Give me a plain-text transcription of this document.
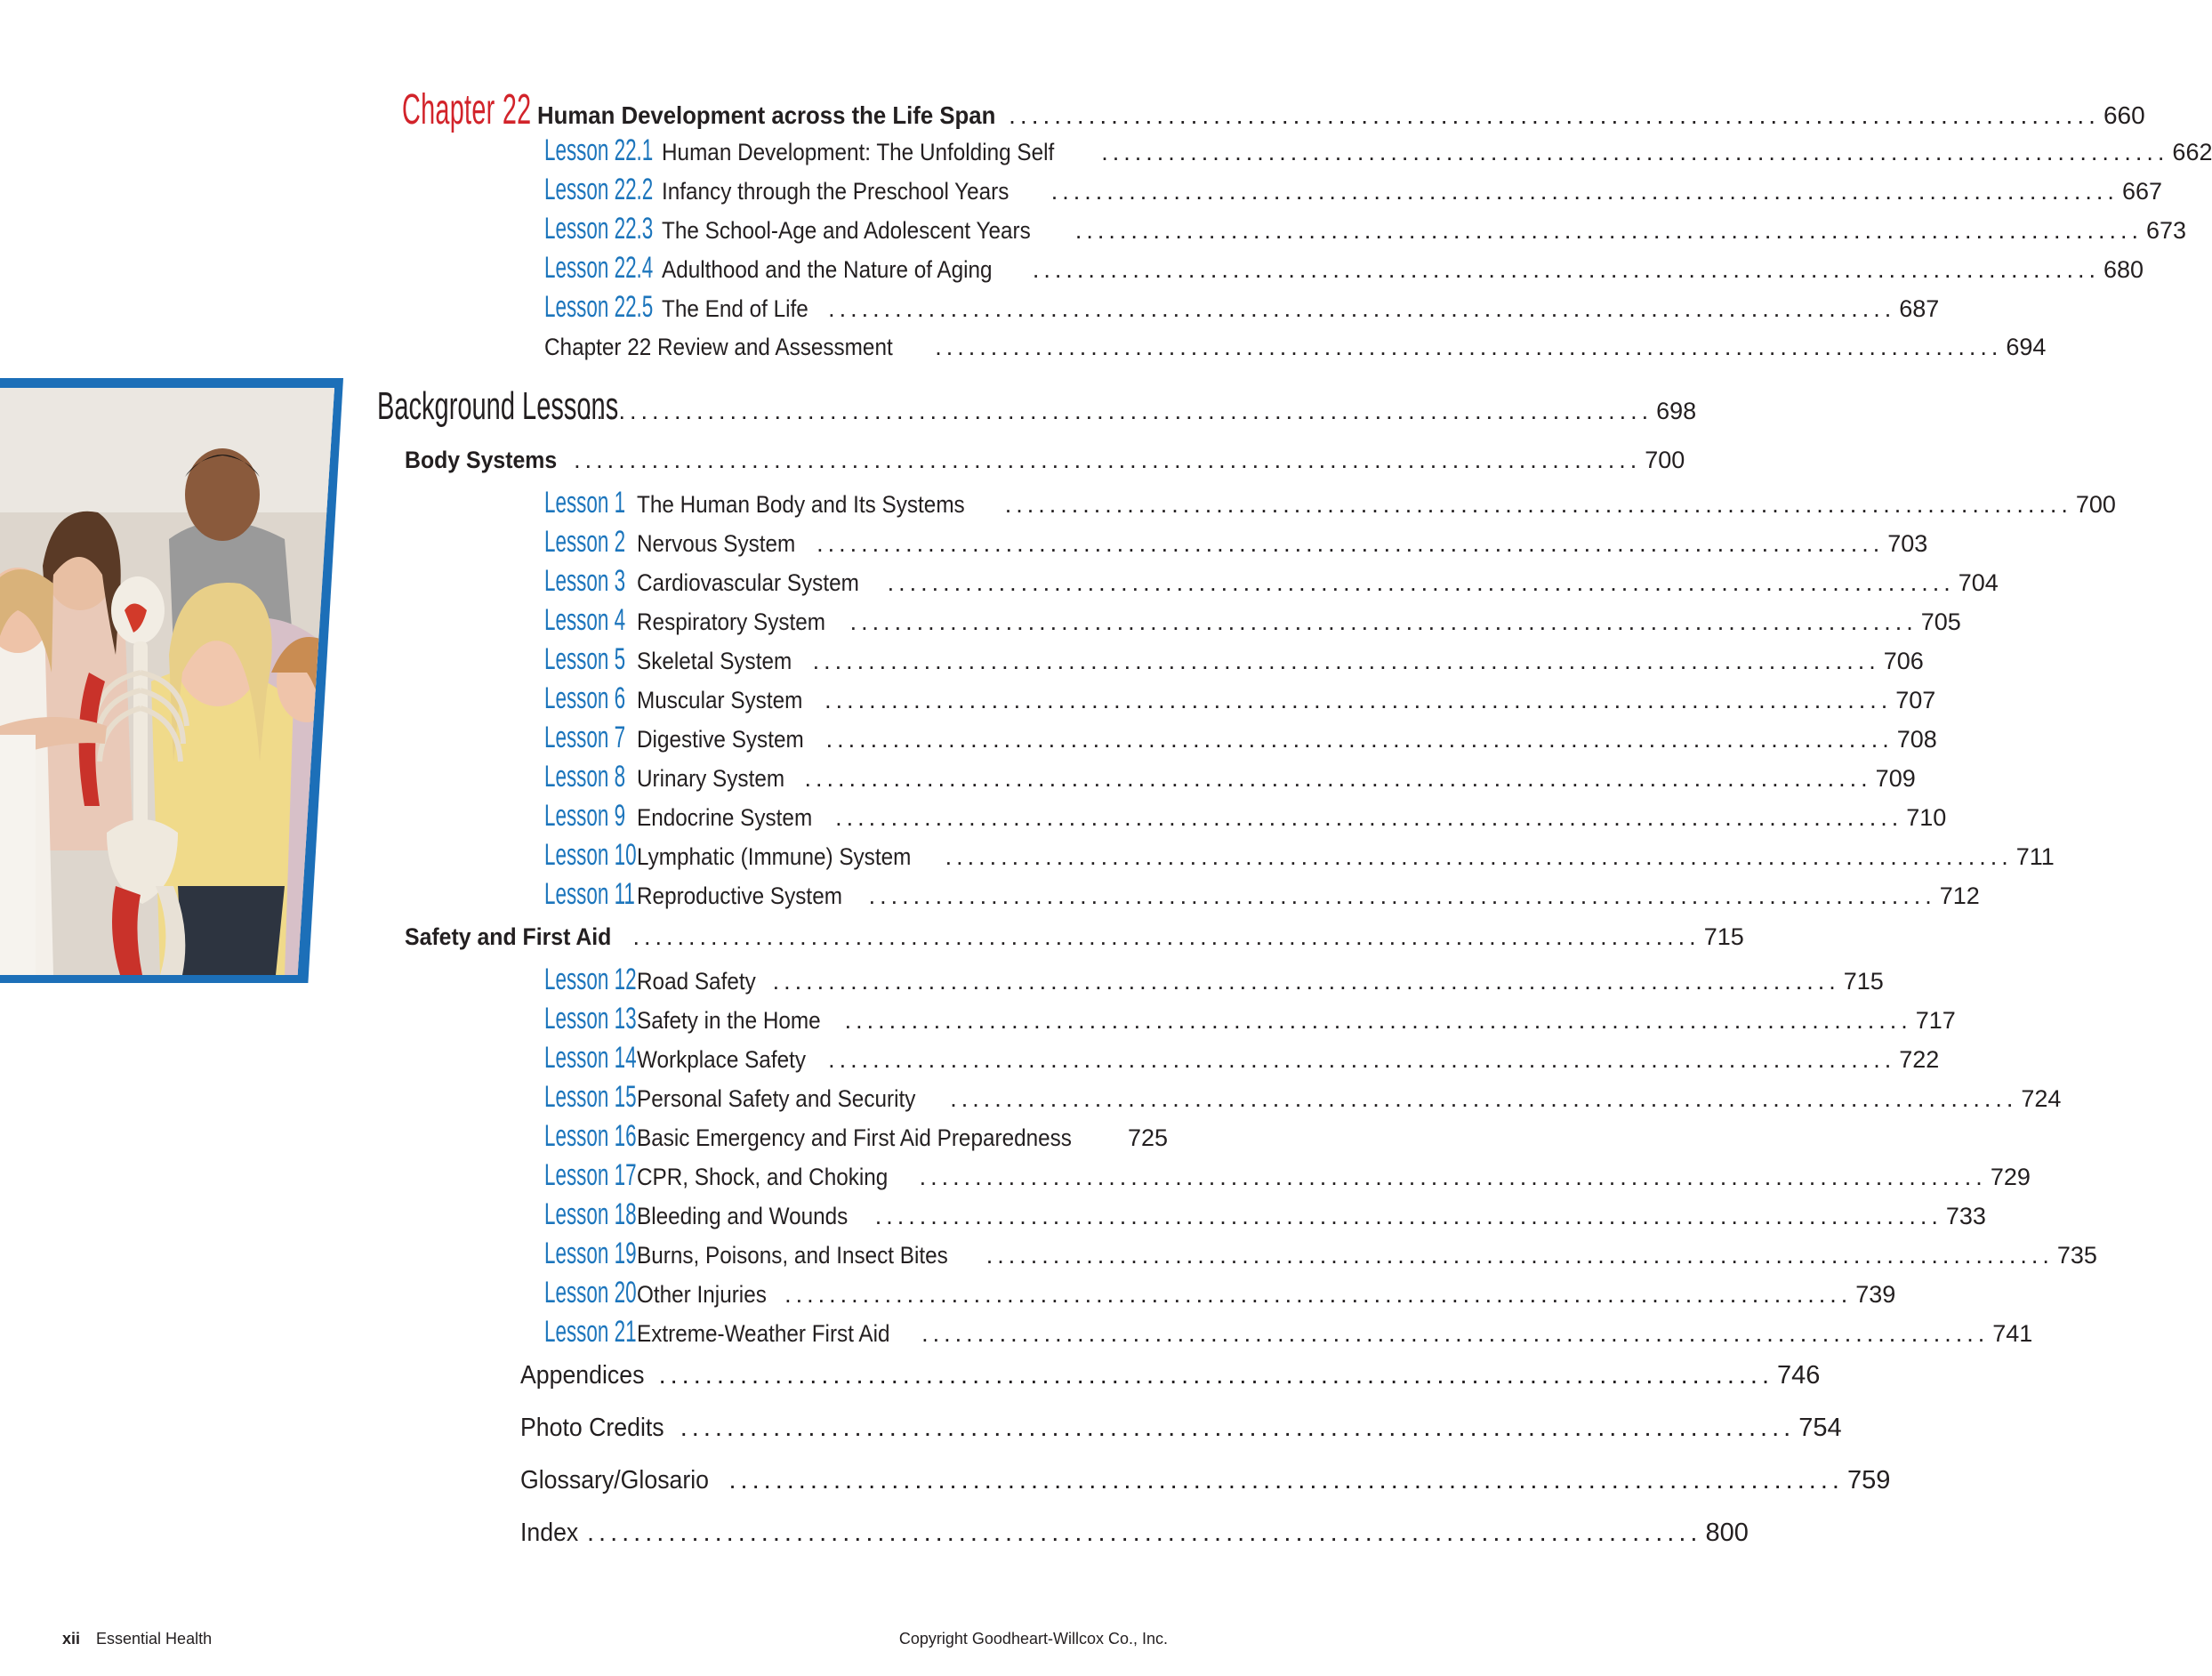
Chapter 22 Human Development across the Life Span ................................................................................................ 660
Lesson 22.1 Human Development: The Unfolding Self ................................................................................................ 662
Lesson 22.2 Infancy through the Preschool Years ................................................................................................ 667
Lesson 22.3 The School-Age and Adolescent Years ................................................................................................ 673
Lesson 22.4 Adulthood and the Nature of Aging ................................................................................................ 680
Lesson 22.5 The End of Life ................................................................................................ 687
Chapter 22 Review and Assessment ................................................................................................ 694
Background Lessons
................................................................................................ 698
Body Systems ................................................................................................ 700
Lesson 1 The Human Body and Its Systems ................................................................................................ 700
Lesson 2 Nervous System ................................................................................................ 703
Lesson 3 Cardiovascular System ................................................................................................ 704
Lesson 4 Respiratory System ................................................................................................ 705
Lesson 5 Skeletal System ................................................................................................ 706
Lesson 6 Muscular System ................................................................................................ 707
Lesson 7 Digestive System ................................................................................................ 708
Lesson 8 Urinary System ................................................................................................ 709
Lesson 9 Endocrine System ................................................................................................ 710
Lesson 10 Lymphatic (Immune) System ................................................................................................ 711
Lesson 11 Reproductive System ................................................................................................ 712
Safety and First Aid ................................................................................................ 715
Lesson 12 Road Safety ................................................................................................ 715
Lesson 13 Safety in the Home ................................................................................................ 717
Lesson 14 Workplace Safety ................................................................................................ 722
Lesson 15 Personal Safety and Security ................................................................................................ 724
Lesson 16 Basic Emergency and First Aid Preparedness 725
Lesson 17 CPR, Shock, and Choking ................................................................................................ 729
Lesson 18 Bleeding and Wounds ................................................................................................ 733
Lesson 19 Burns, Poisons, and Insect Bites ................................................................................................ 735
Lesson 20 Other Injuries ................................................................................................ 739
Lesson 21 Extreme-Weather First Aid ................................................................................................ 741
Appendices ................................................................................................ 746
Photo Credits ................................................................................................ 754
Glossary/Glosario ................................................................................................ 759
Index ................................................................................................ 800
xii Essential Health	Copyright Goodheart-Willcox Co., Inc.
